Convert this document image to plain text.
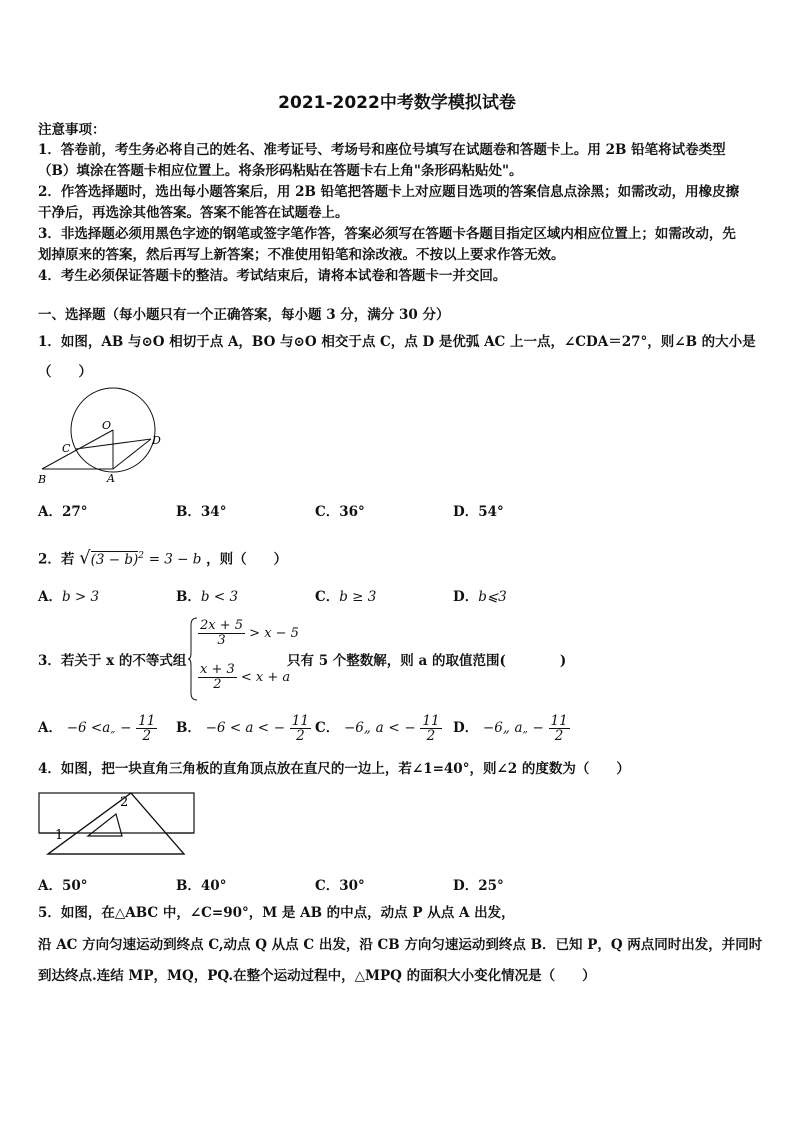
2021-2022中考数学模拟试卷
注意事项：
1．答卷前，考生务必将自己的姓名、准考证号、考场号和座位号填写在试题卷和答题卡上。用 2B 铅笔将试卷类型
（B）填涂在答题卡相应位置上。将条形码粘贴在答题卡右上角"条形码粘贴处"。
2．作答选择题时，选出每小题答案后，用 2B 铅笔把答题卡上对应题目选项的答案信息点涂黑；如需改动，用橡皮擦
干净后，再选涂其他答案。答案不能答在试题卷上。
3．非选择题必须用黑色字迹的钢笔或签字笔作答，答案必须写在答题卡各题目指定区域内相应位置上；如需改动，先
划掉原来的答案，然后再写上新答案；不准使用铅笔和涂改液。不按以上要求作答无效。
4．考生必须保证答题卡的整洁。考试结束后，请将本试卷和答题卡一并交回。
一、选择题（每小题只有一个正确答案，每小题 3 分，满分 30 分）
1．如图，AB 与⊙O 相切于点 A，BO 与⊙O 相交于点 C，点 D 是优弧 AC 上一点，∠CDA＝27°，则∠B 的大小是
（　　）
O
C
D
B	A
A．27°	B．34°	C．36°	D．54°
2．若 $√(3 - b)^2 = 3 - b$ ，则（　　）
A．b > 3	B．b < 3	C．b ≥ 3	D．b⩽3
3．若关于 x 的不等式组
$\frac{2x + 5}{3} > x - 5$
$\frac{x + 3}{2} < x + a$
只有 5 个整数解，则 a 的取值范围(　　　　)
A． −6 <a„ − $\frac{11}{2}$ B． −6 < a < − $\frac{11}{2}$ C． −6„ a < − $\frac{11}{2}$ D． −6„ a„ − $\frac{11}{2}$
4．如图，把一块直角三角板的直角顶点放在直尺的一边上，若∠1=40°，则∠2 的度数为（　　）
1
2
A．50°	B．40°	C．30°	D．25°
5．如图，在△ABC 中，∠C=90°，M 是 AB 的中点，动点 P 从点 A 出发，
沿 AC 方向匀速运动到终点 C,动点 Q 从点 C 出发，沿 CB 方向匀速运动到终点 B．已知 P，Q 两点同时出发，并同时
到达终点.连结 MP，MQ，PQ.在整个运动过程中，△MPQ 的面积大小变化情况是（　　）
